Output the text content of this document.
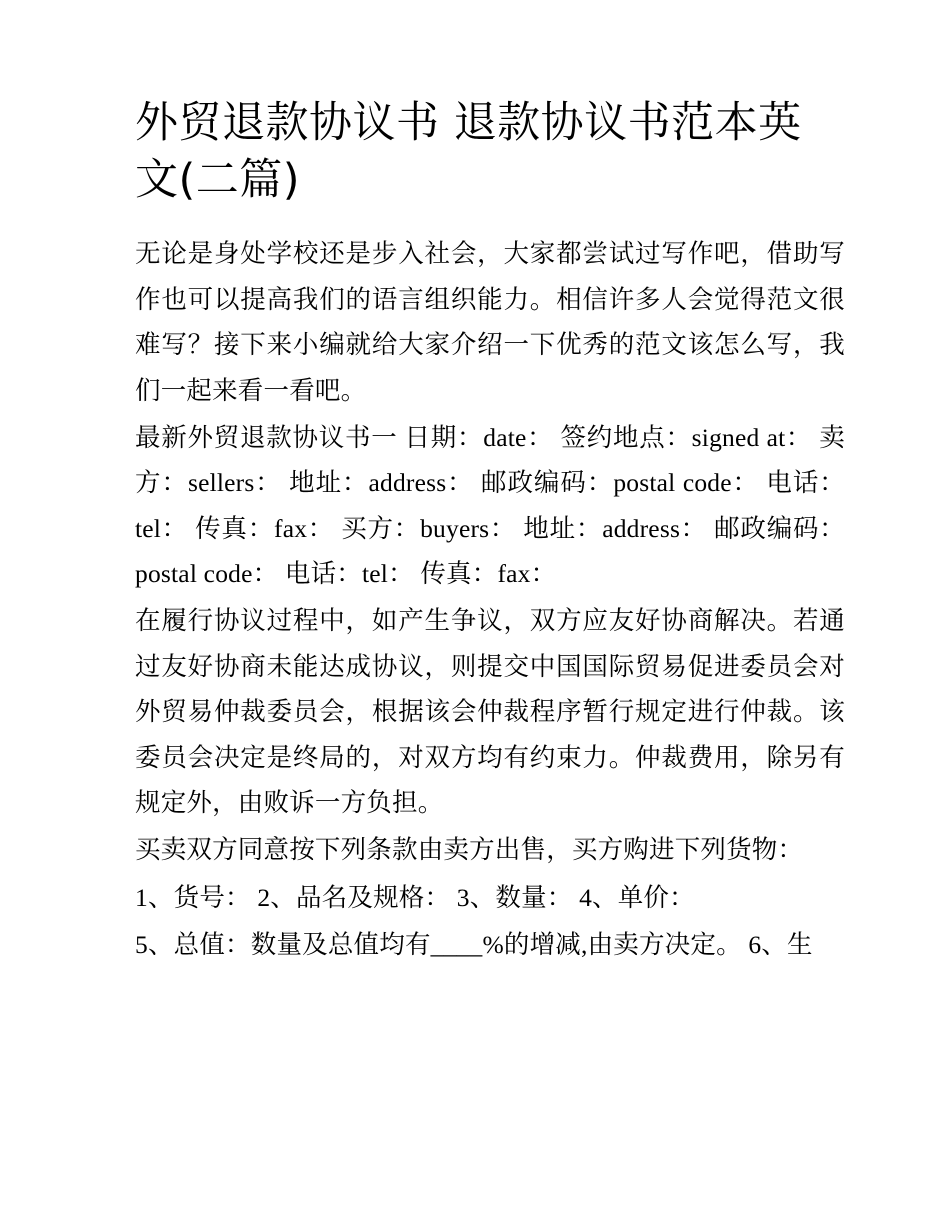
外贸退款协议书 退款协议书范本英文(二篇)

无论是身处学校还是步入社会，大家都尝试过写作吧，借助写作也可以提高我们的语言组织能力。相信许多人会觉得范文很难写？接下来小编就给大家介绍一下优秀的范文该怎么写，我们一起来看一看吧。

最新外贸退款协议书一 日期：date： 签约地点：signed at： 卖方：sellers： 地址：address： 邮政编码：postal code： 电话：tel： 传真：fax： 买方：buyers： 地址：address： 邮政编码：postal code： 电话：tel： 传真：fax：

在履行协议过程中，如产生争议，双方应友好协商解决。若通过友好协商未能达成协议，则提交中国国际贸易促进委员会对外贸易仲裁委员会，根据该会仲裁程序暂行规定进行仲裁。该委员会决定是终局的，对双方均有约束力。仲裁费用，除另有规定外，由败诉一方负担。

买卖双方同意按下列条款由卖方出售，买方购进下列货物：

1、货号： 2、品名及规格： 3、数量： 4、单价：

5、总值：数量及总值均有____%的增减,由卖方决定。 6、生
